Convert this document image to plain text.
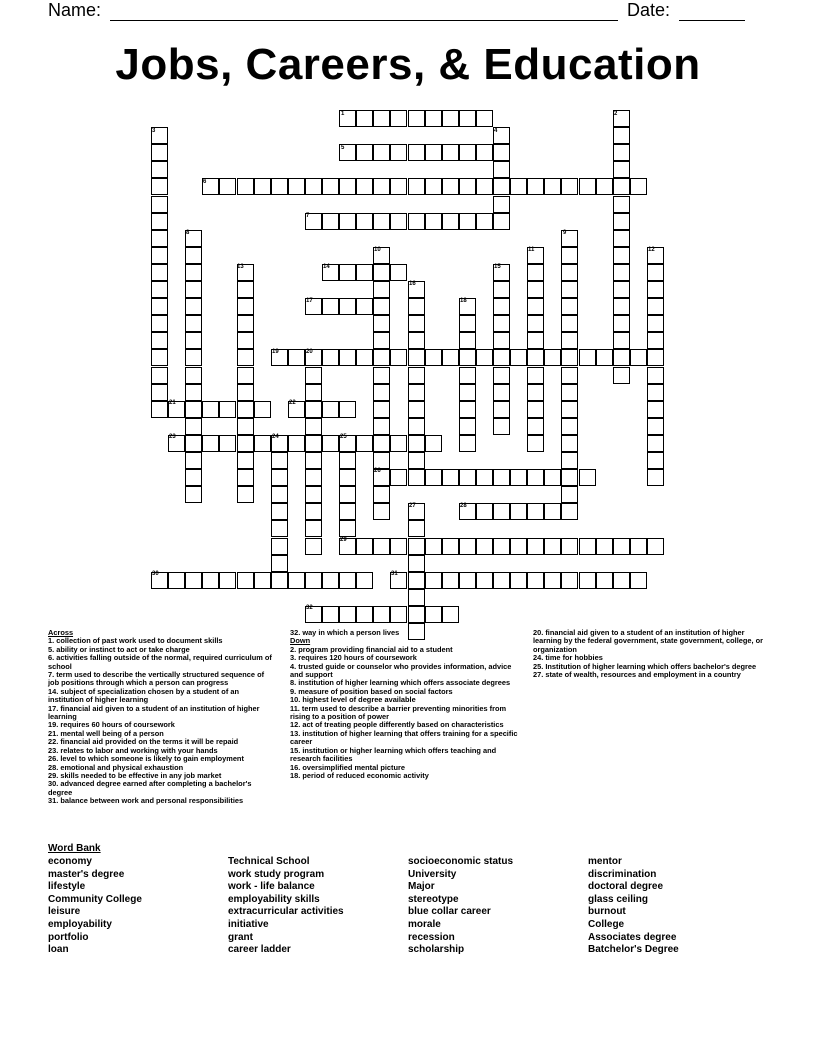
Name:	Date:
Jobs, Careers, & Education
1	2
3	4
5
6
7
8	9
10	11	12
13	14	15
16
17	18
19	20
21	22
23	24	25
26
27	28
29
30	31
32
Across

1. collection of past work used to document skills

5. ability or instinct to act or take charge

6. activities falling outside of the normal, required curriculum of school

7. term used to describe the vertically structured sequence of job positions through which a person can progress

14. subject of specialization chosen by a student of an institution of higher learning

17. financial aid given to a student of an institution of higher learning

19. requires 60 hours of coursework

21. mental well being of a person

22. financial aid provided on the terms it will be repaid

23. relates to labor and working with your hands

26. level to which someone is likely to gain employment

28. emotional and physical exhaustion

29. skills needed to be effective in any job market

30. advanced degree earned after completing a bachelor's degree

31. balance between work and personal responsibilities

32. way in which a person lives

Down

2. program providing financial aid to a student

3. requires 120 hours of coursework

4. trusted guide or counselor who provides information, advice and support

8. institution of higher learning which offers associate degrees

9. measure of position based on social factors

10. highest level of degree available

11. term used to describe a barrier preventing minorities from rising to a position of power

12. act of treating people differently based on characteristics

13. institution of higher learning that offers training for a specific career

15. institution or higher learning which offers teaching and research facilities

16. oversimplified mental picture

18. period of reduced economic activity

20. financial aid given to a student of an institution of higher learning by the federal government, state government, college, or organization

24. time for hobbies

25. Institution of higher learning which offers bachelor's degree

27. state of wealth, resources and employment in a country

Word Bank
economy
master's degree
lifestyle
Community College
leisure
employability
portfolio
loan
Technical School
work study program
work - life balance
employability skills
extracurricular activities
initiative
grant
career ladder
socioeconomic status
University
Major
stereotype
blue collar career
morale
recession
scholarship
mentor
discrimination
doctoral degree
glass ceiling
burnout
College
Associates degree
Batchelor's Degree
